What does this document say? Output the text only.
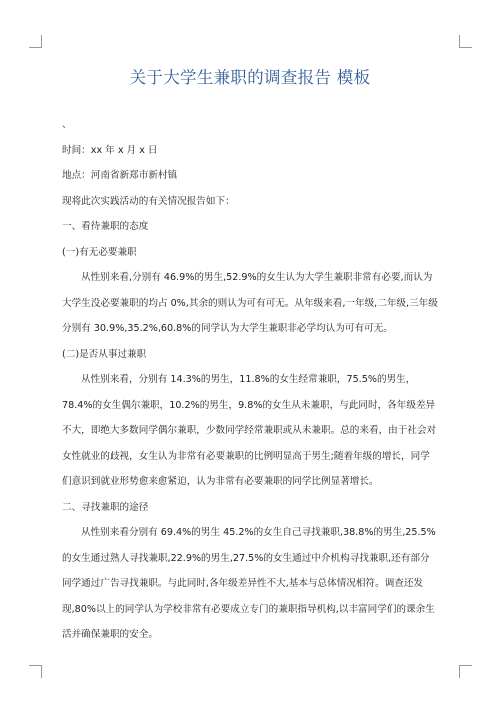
关于大学生兼职的调查报告 模板

、

时间：xx 年 x 月 x 日

地点：河南省新郑市新村镇

现将此次实践活动的有关情况报告如下：

一、看待兼职的态度

(一)有无必要兼职

从性别来看,分别有 46.9%的男生,52.9%的女生认为大学生兼职非常有必要,而认为大学生没必要兼职的均占 0%,其余的则认为可有可无。从年级来看,一年级,二年级,三年级分别有 30.9%,35.2%,60.8%的同学认为大学生兼职非必学均认为可有可无。

(二)是否从事过兼职

从性别来看，分别有 14.3%的男生，11.8%的女生经常兼职，75.5%的男生，78.4%的女生偶尔兼职，10.2%的男生，9.8%的女生从未兼职，与此同时，各年级差异不大，即绝大多数同学偶尔兼职，少数同学经常兼职或从未兼职。总的来看，由于社会对女性就业的歧视，女生认为非常有必要兼职的比例明显高于男生;随着年级的增长，同学们意识到就业形势愈来愈紧迫，认为非常有必要兼职的同学比例显著增长。

二、寻找兼职的途径

从性别来看分别有 69.4%的男生 45.2%的女生自己寻找兼职,38.8%的男生,25.5%的女生通过熟人寻找兼职,22.9%的男生,27.5%的女生通过中介机构寻找兼职,还有部分同学通过广告寻找兼职。与此同时,各年级差异性不大,基本与总体情况相符。调查还发现,80%以上的同学认为学校非常有必要成立专门的兼职指导机构,以丰富同学们的课余生活并确保兼职的安全。
